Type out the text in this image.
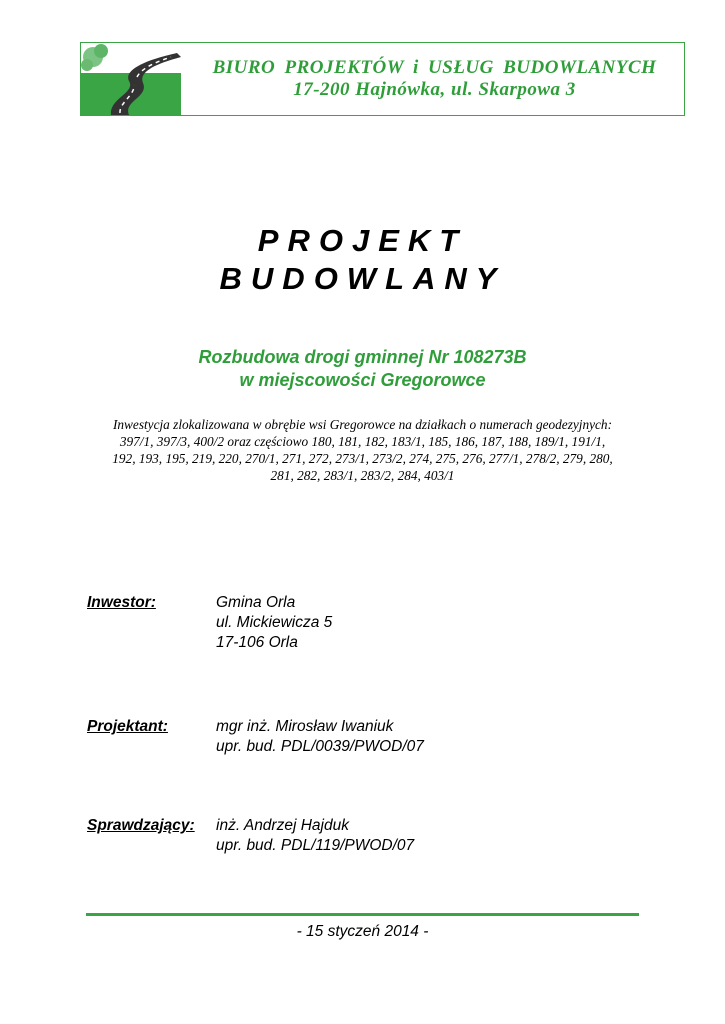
BIURO PROJEKTÓW i USŁUG BUDOWLANYCH
17-200 Hajnówka, ul. Skarpowa 3
PROJEKT
BUDOWLANY
Rozbudowa drogi gminnej Nr 108273B
w miejscowości Gregorowce
Inwestycja zlokalizowana w obrębie wsi Gregorowce na działkach o numerach geodezyjnych:
397/1, 397/3, 400/2 oraz częściowo 180, 181, 182, 183/1, 185, 186, 187, 188, 189/1, 191/1,
192, 193, 195, 219, 220, 270/1, 271, 272, 273/1, 273/2, 274, 275, 276, 277/1, 278/2, 279, 280,
281, 282, 283/1, 283/2, 284, 403/1
Inwestor:	Gmina Orla
ul. Mickiewicza 5
17-106 Orla
Projektant:	mgr inż. Mirosław Iwaniuk
upr. bud. PDL/0039/PWOD/07
Sprawdzający: inż. Andrzej Hajduk
upr. bud. PDL/119/PWOD/07
- 15 styczeń 2014 -
